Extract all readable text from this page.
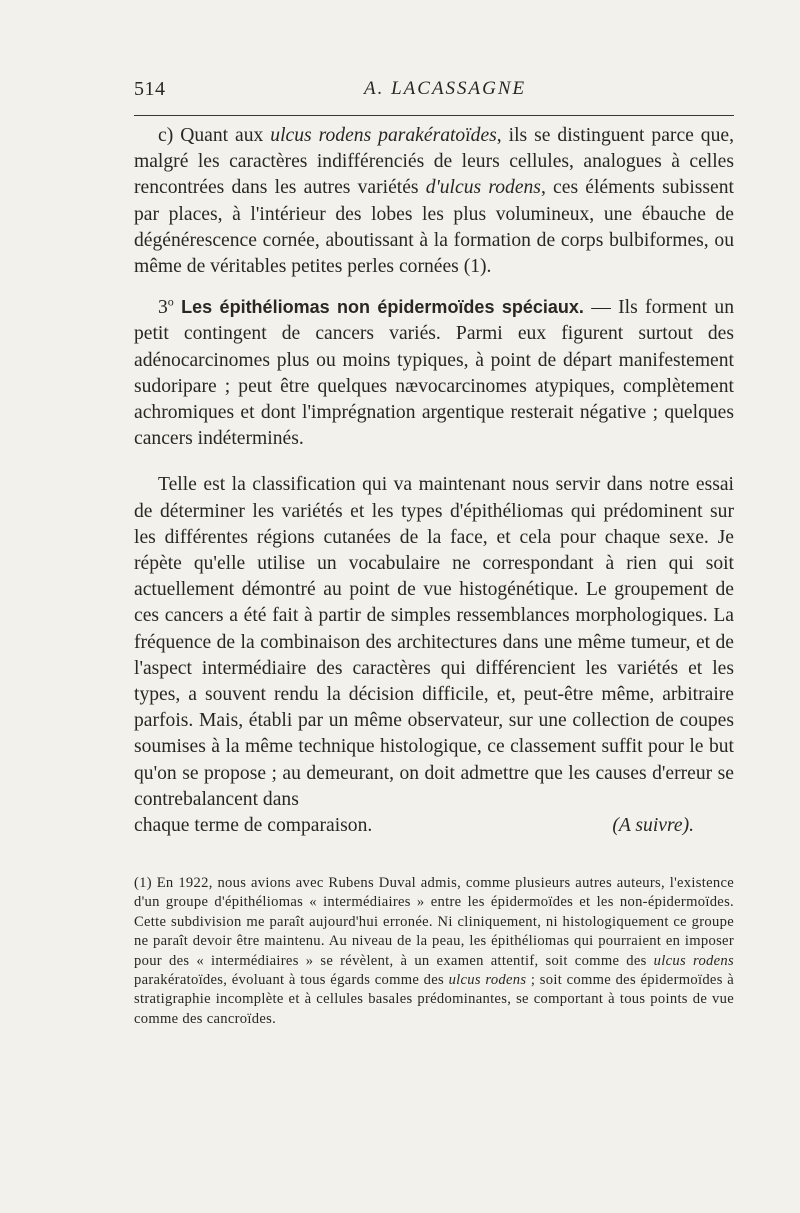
514	A. LACASSAGNE

c) Quant aux ulcus rodens parakératoïdes, ils se distinguent parce que, malgré les caractères indifférenciés de leurs cellules, analogues à celles rencontrées dans les autres variétés d'ulcus rodens, ces éléments subissent par places, à l'intérieur des lobes les plus volumineux, une ébauche de dégénérescence cornée, aboutissant à la formation de corps bulbiformes, ou même de véritables petites perles cornées (1).

3$^o$ Les épithéliomas non épidermoïdes spéciaux. — Ils forment un petit contingent de cancers variés. Parmi eux figurent surtout des adénocarcinomes plus ou moins typiques, à point de départ manifestement sudoripare ; peut être quelques nævocarcinomes atypiques, complètement achromiques et dont l'imprégnation argentique resterait négative ; quelques cancers indéterminés.

Telle est la classification qui va maintenant nous servir dans notre essai de déterminer les variétés et les types d'épithéliomas qui prédominent sur les différentes régions cutanées de la face, et cela pour chaque sexe. Je répète qu'elle utilise un vocabulaire ne correspondant à rien qui soit actuellement démontré au point de vue histogénétique. Le groupement de ces cancers a été fait à partir de simples ressemblances morphologiques. La fréquence de la combinaison des architectures dans une même tumeur, et de l'aspect intermédiaire des caractères qui différencient les variétés et les types, a souvent rendu la décision difficile, et, peut-être même, arbitraire parfois. Mais, établi par un même observateur, sur une collection de coupes soumises à la même technique histologique, ce classement suffit pour le but qu'on se propose ; au demeurant, on doit admettre que les causes d'erreur se contrebalancent dans

chaque terme de comparaison.	(A suivre).

(1) En 1922, nous avions avec Rubens Duval admis, comme plusieurs autres auteurs, l'existence d'un groupe d'épithéliomas « intermédiaires » entre les épidermoïdes et les non-épidermoïdes. Cette subdivision me paraît aujourd'hui erronée. Ni cliniquement, ni histologiquement ce groupe ne paraît devoir être maintenu. Au niveau de la peau, les épithéliomas qui pourraient en imposer pour des « intermédiaires » se révèlent, à un examen attentif, soit comme des ulcus rodens parakératoïdes, évoluant à tous égards comme des ulcus rodens ; soit comme des épidermoïdes à stratigraphie incomplète et à cellules basales prédominantes, se comportant à tous points de vue comme des cancroïdes.
